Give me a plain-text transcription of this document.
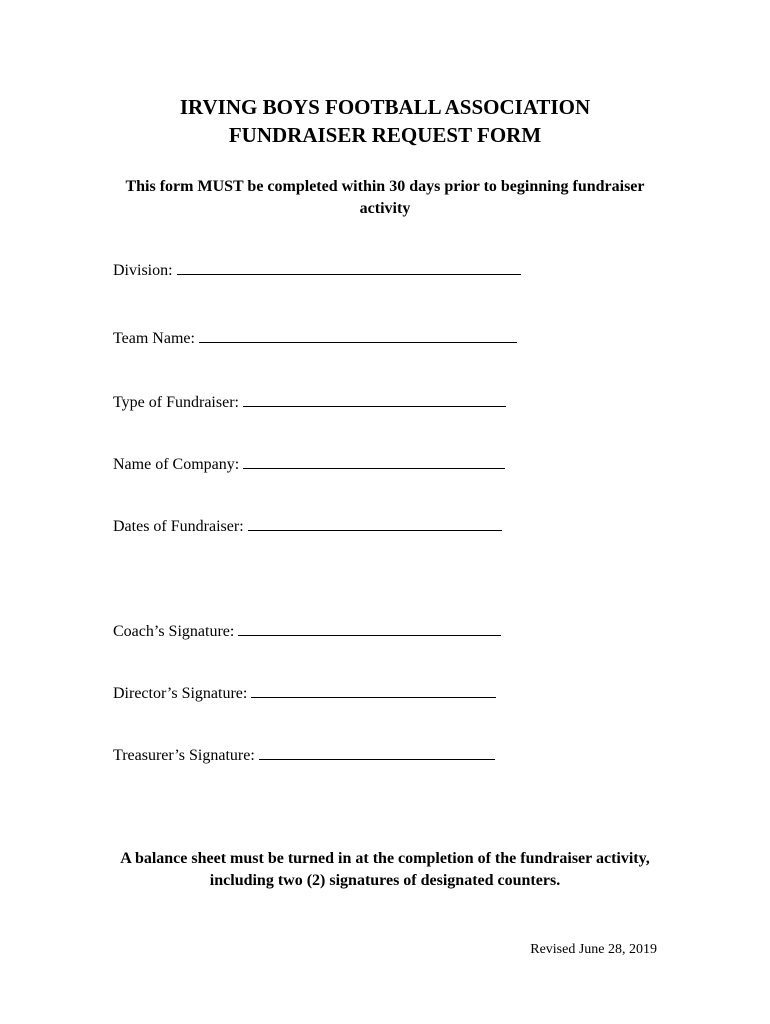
IRVING BOYS FOOTBALL ASSOCIATION
FUNDRAISER REQUEST FORM

This form MUST be completed within 30 days prior to beginning fundraiser activity

Division:
Team Name:
Type of Fundraiser:
Name of Company:
Dates of Fundraiser:
Coach’s Signature:
Director’s Signature:
Treasurer’s Signature:

A balance sheet must be turned in at the completion of the fundraiser activity, including two (2) signatures of designated counters.

Revised June 28, 2019
